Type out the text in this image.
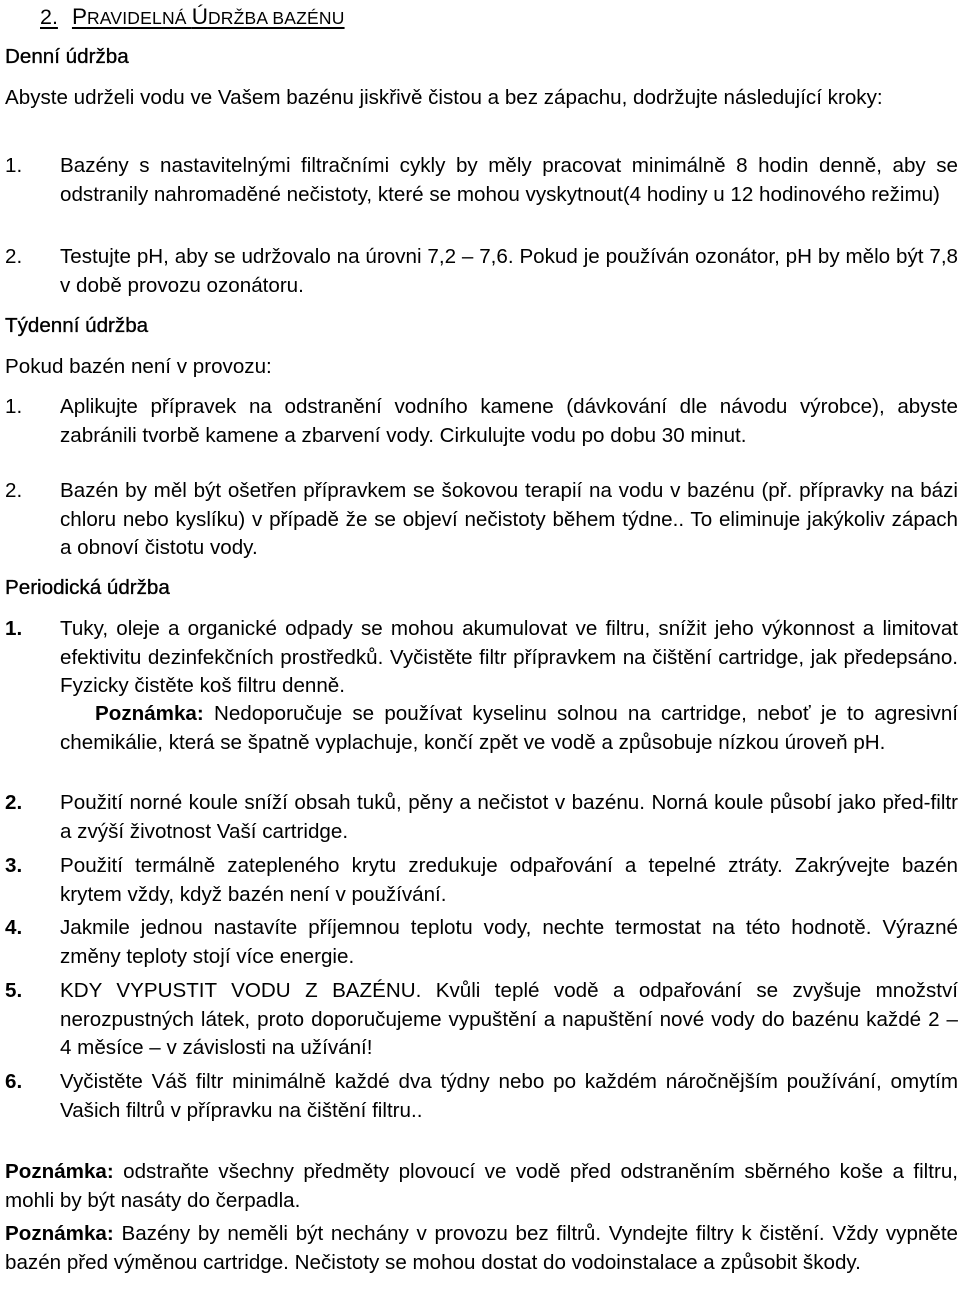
2. PRAVIDELNÁ ÚDRŽBA BAZÉNU
Denní údržba
Abyste udrželi vodu ve Vašem bazénu jiskřivě čistou a bez zápachu, dodržujte následující kroky:
1. Bazény s nastavitelnými filtračními cykly by měly pracovat minimálně 8 hodin denně, aby se odstranily nahromaděné nečistoty, které se mohou vyskytnout(4 hodiny u 12 hodinového režimu)
2. Testujte pH, aby se udržovalo na úrovni 7,2 – 7,6. Pokud je používán ozonátor, pH by mělo být 7,8 v době provozu ozonátoru.
Týdenní údržba
Pokud bazén není v provozu:
1. Aplikujte přípravek na odstranění vodního kamene (dávkování dle návodu výrobce), abyste zabránili tvorbě kamene a zbarvení vody. Cirkulujte vodu po dobu 30 minut.
2. Bazén by měl být ošetřen přípravkem se šokovou terapií na vodu v bazénu (př. přípravky na bázi chloru nebo kyslíku) v případě že se objeví nečistoty během týdne.. To eliminuje jakýkoliv zápach a obnoví čistotu vody.
Periodická údržba
1. Tuky, oleje a organické odpady se mohou akumulovat ve filtru, snížit jeho výkonnost a limitovat efektivitu dezinfekčních prostředků. Vyčistěte filtr přípravkem na čištění cartridge, jak předepsáno. Fyzicky čistěte koš filtru denně.
Poznámka: Nedoporučuje se používat kyselinu solnou na cartridge, neboť je to agresivní chemikálie, která se špatně vyplachuje, končí zpět ve vodě a způsobuje nízkou úroveň pH.
2. Použití norné koule sníží obsah tuků, pěny a nečistot v bazénu. Norná koule působí jako před-filtr a zvýší životnost Vaší cartridge.
3. Použití termálně zatepleného krytu zredukuje odpařování a tepelné ztráty. Zakrývejte bazén krytem vždy, když bazén není v používání.
4. Jakmile jednou nastavíte příjemnou teplotu vody, nechte termostat na této hodnotě. Výrazné změny teploty stojí více energie.
5. KDY VYPUSTIT VODU Z BAZÉNU. Kvůli teplé vodě a odpařování se zvyšuje množství nerozpustných látek, proto doporučujeme vypuštění a napuštění nové vody do bazénu každé 2 – 4 měsíce – v závislosti na užívání!
6. Vyčistěte Váš filtr minimálně každé dva týdny nebo po každém náročnějším používání, omytím Vašich filtrů v přípravku na čištění filtru..
Poznámka: odstraňte všechny předměty plovoucí ve vodě před odstraněním sběrného koše a filtru, mohli by být nasáty do čerpadla.
Poznámka: Bazény by neměli být nechány v provozu bez filtrů. Vyndejte filtry k čistění. Vždy vypněte bazén před výměnou cartridge. Nečistoty se mohou dostat do vodoinstalace a způsobit škody.
